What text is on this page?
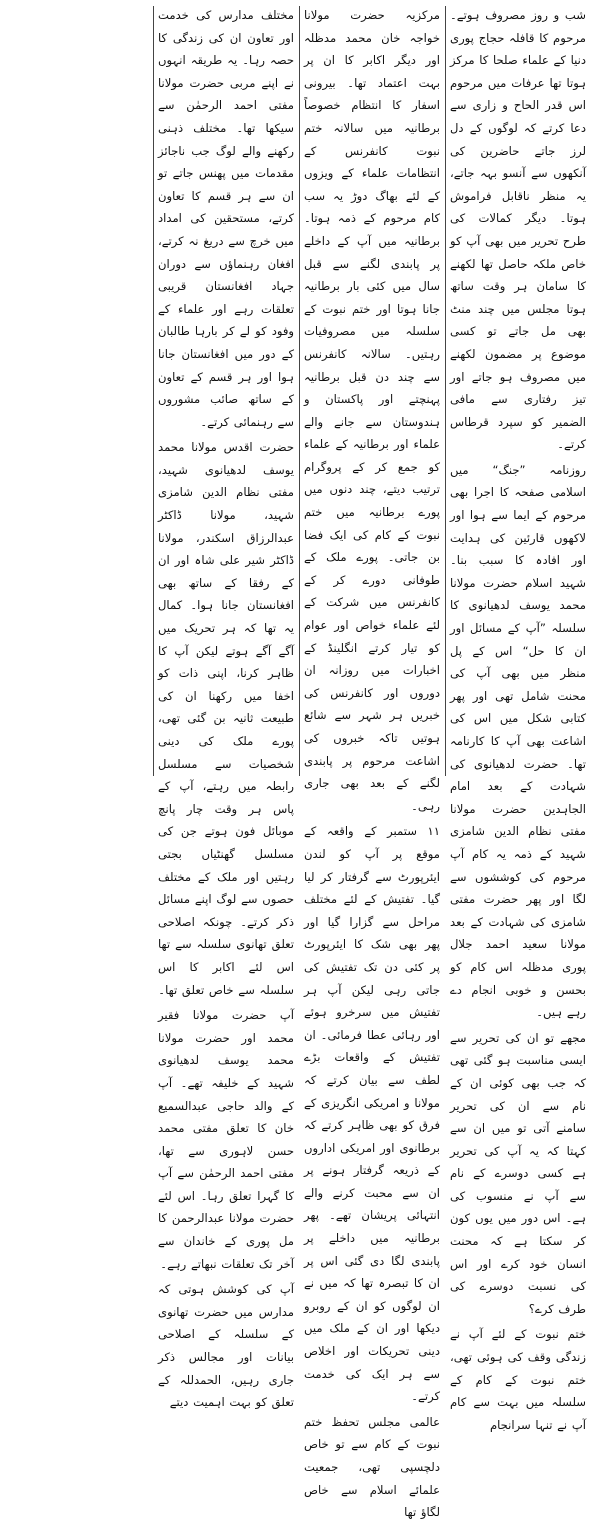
شب و روز مصروف ہوتے۔ مرحوم کا قافلہ حجاج پوری دنیا کے علماء صلحا کا مرکز ہوتا تھا عرفات میں مرحوم اس قدر الحاح و زاری سے دعا کرتے کہ لوگوں کے دل لرز جاتے حاضرین کی آنکھوں سے آنسو بہہ جاتے، یہ منظر ناقابل فراموش ہوتا۔ دیگر کمالات کی طرح تحریر میں بھی آپ کو خاص ملکہ حاصل تھا لکھنے کا سامان ہر وقت ساتھ ہوتا مجلس میں چند منٹ بھی مل جاتے تو کسی موضوع پر مضمون لکھنے میں مصروف ہو جاتے اور تیز رفتاری سے مافی الضمیر کو سپرد قرطاس کرتے۔

روزنامہ ”جنگ“ میں اسلامی صفحہ کا اجرا بھی مرحوم کے ایما سے ہوا اور لاکھوں قارئین کی ہدایت اور افادہ کا سبب بنا۔ شہید اسلام حضرت مولانا محمد یوسف لدھیانوی کا سلسلہ ”آپ کے مسائل اور ان کا حل“ اس کے پل منظر میں بھی آپ کی محنت شامل تھی اور پھر کتابی شکل میں اس کی اشاعت بھی آپ کا کارنامہ تھا۔ حضرت لدھیانوی کی شہادت کے بعد امام الجاہدین حضرت مولانا مفتی نظام الدین شامزی شہید کے ذمہ یہ کام آپ مرحوم کی کوششوں سے لگا اور پھر حضرت مفتی شامزی کی شہادت کے بعد مولانا سعید احمد جلال پوری مدظلہ اس کام کو بحسن و خوبی انجام دے رہے ہیں۔

مجھے تو ان کی تحریر سے ایسی مناسبت ہو گئی تھی کہ جب بھی کوئی ان کے نام سے ان کی تحریر سامنے آتی تو میں ان سے کہتا کہ یہ آپ کی تحریر ہے کسی دوسرے کے نام سے آپ نے منسوب کی ہے۔ اس دور میں یوں کون کر سکتا ہے کہ محنت انسان خود کرے اور اس کی نسبت دوسرے کی طرف کرے؟

ختم نبوت کے لئے آپ نے زندگی وقف کی ہوئی تھی، ختم نبوت کے کام کے سلسلہ میں بہت سے کام آپ نے تنہا سرانجام

مرکزیہ حضرت مولانا خواجہ خان محمد مدظلہ اور دیگر اکابر کا ان پر بہت اعتماد تھا۔ بیرونی اسفار کا انتظام خصوصاً برطانیہ میں سالانہ ختم نبوت کانفرنس کے انتظامات علماء کے ویزوں کے لئے بھاگ دوڑ یہ سب کام مرحوم کے ذمہ ہوتا۔ برطانیہ میں آپ کے داخلے پر پابندی لگنے سے قبل سال میں کئی بار برطانیہ جانا ہوتا اور ختم نبوت کے سلسلہ میں مصروفیات رہتیں۔ سالانہ کانفرنس سے چند دن قبل برطانیہ پہنچتے اور پاکستان و ہندوستان سے جانے والے علماء اور برطانیہ کے علماء کو جمع کر کے پروگرام ترتیب دیتے، چند دنوں میں پورے برطانیہ میں ختم نبوت کے کام کی ایک فضا بن جاتی۔ پورے ملک کے طوفانی دورے کر کے کانفرنس میں شرکت کے لئے علماء خواص اور عوام کو تیار کرتے انگلینڈ کے اخبارات میں روزانہ ان دوروں اور کانفرنس کی خبریں ہر شہر سے شائع ہوتیں تاکہ خبروں کی اشاعت مرحوم پر پابندی لگنے کے بعد بھی جاری رہی۔

۱۱ ستمبر کے واقعہ کے موقع پر آپ کو لندن ایئرپورٹ سے گرفتار کر لیا گیا۔ تفتیش کے لئے مختلف مراحل سے گزارا گیا اور پھر بھی شک کا ایئرپورٹ پر کئی دن تک تفتیش کی جاتی رہی لیکن آپ ہر تفتیش میں سرخرو ہوئے اور رہائی عطا فرمائی۔ ان تفتیش کے واقعات بڑے لطف سے بیان کرتے کہ مولانا و امریکی انگریزی کے فرق کو بھی ظاہر کرتے کہ برطانوی اور امریکی اداروں کے ذریعہ گرفتار ہونے پر ان سے محبت کرنے والے انتہائی پریشان تھے۔ پھر برطانیہ میں داخلے پر پابندی لگا دی گئی اس پر ان کا تبصرہ تھا کہ میں نے ان لوگوں کو ان کے روبرو دیکھا اور ان کے ملک میں دینی تحریکات اور اخلاص سے ہر ایک کی خدمت کرتے۔

عالمی مجلس تحفظ ختم نبوت کے کام سے تو خاص دلچسپی تھی، جمعیت علمائے اسلام سے خاص لگاؤ تھا

مختلف مدارس کی خدمت اور تعاون ان کی زندگی کا حصہ رہا۔ یہ طریقہ انہوں نے اپنے مربی حضرت مولانا مفتی احمد الرحمٰن سے سیکھا تھا۔ مختلف ذہنی رکھنے والے لوگ جب ناجائز مقدمات میں پھنس جاتے تو ان سے ہر قسم کا تعاون کرتے، مستحقین کی امداد میں خرچ سے دریغ نہ کرتے، افغان رہنماؤں سے دوران جہاد افغانستان قریبی تعلقات رہے اور علماء کے وفود کو لے کر بارہا طالبان کے دور میں افغانستان جانا ہوا اور ہر قسم کے تعاون کے ساتھ صائب مشوروں سے رہنمائی کرتے۔

حضرت اقدس مولانا محمد یوسف لدھیانوی شہید، مفتی نظام الدین شامزی شہید، مولانا ڈاکٹر عبدالرزاق اسکندر، مولانا ڈاکٹر شیر علی شاہ اور ان کے رفقا کے ساتھ بھی افغانستان جانا ہوا۔ کمال یہ تھا کہ ہر تحریک میں آگے آگے ہوتے لیکن آپ کا ظاہر کرنا، اپنی ذات کو اخفا میں رکھنا ان کی طبیعت ثانیہ بن گئی تھی، پورے ملک کی دینی شخصیات سے مسلسل رابطہ میں رہتے، آپ کے پاس ہر وقت چار پانچ موبائل فون ہوتے جن کی مسلسل گھنٹیاں بجتی رہتیں اور ملک کے مختلف حصوں سے لوگ اپنے مسائل ذکر کرتے۔ چونکہ اصلاحی تعلق تھانوی سلسلہ سے تھا اس لئے اکابر کا اس سلسلہ سے خاص تعلق تھا۔

آپ حضرت مولانا فقیر محمد اور حضرت مولانا محمد یوسف لدھیانوی شہید کے خلیفہ تھے۔ آپ کے والد حاجی عبدالسمیع خان کا تعلق مفتی محمد حسن لاہوری سے تھا، مفتی احمد الرحمٰن سے آپ کا گہرا تعلق رہا۔ اس لئے حضرت مولانا عبدالرحمن کا مل پوری کے خاندان سے آخر تک تعلقات نبھاتے رہے۔

آپ کی کوشش ہوتی کہ مدارس میں حضرت تھانوی کے سلسلہ کے اصلاحی بیانات اور مجالس ذکر جاری رہیں، الحمدللہ کے تعلق کو بہت اہمیت دیتے
